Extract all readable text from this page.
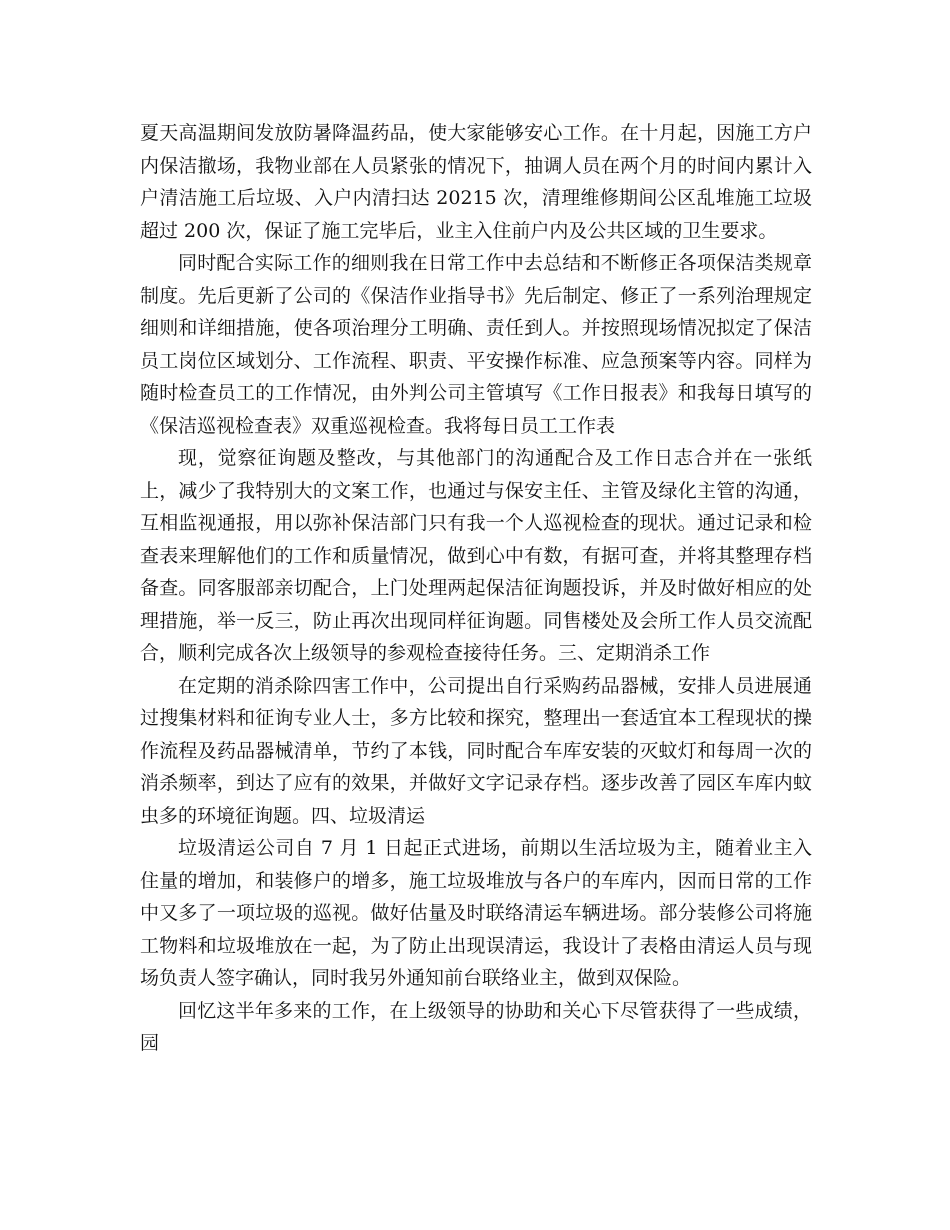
夏天高温期间发放防暑降温药品，使大家能够安心工作。在十月起，因施工方户内保洁撤场，我物业部在人员紧张的情况下，抽调人员在两个月的时间内累计入户清洁施工后垃圾、入户内清扫达 20215 次，清理维修期间公区乱堆施工垃圾超过 200 次，保证了施工完毕后，业主入住前户内及公共区域的卫生要求。

同时配合实际工作的细则我在日常工作中去总结和不断修正各项保洁类规章制度。先后更新了公司的《保洁作业指导书》先后制定、修正了一系列治理规定细则和详细措施，使各项治理分工明确、责任到人。并按照现场情况拟定了保洁员工岗位区域划分、工作流程、职责、平安操作标准、应急预案等内容。同样为随时检查员工的工作情况，由外判公司主管填写《工作日报表》和我每日填写的《保洁巡视检查表》双重巡视检查。我将每日员工工作表

现，觉察征询题及整改，与其他部门的沟通配合及工作日志合并在一张纸上，减少了我特别大的文案工作，也通过与保安主任、主管及绿化主管的沟通，互相监视通报，用以弥补保洁部门只有我一个人巡视检查的现状。通过记录和检查表来理解他们的工作和质量情况，做到心中有数，有据可查，并将其整理存档备查。同客服部亲切配合，上门处理两起保洁征询题投诉，并及时做好相应的处理措施，举一反三，防止再次出现同样征询题。同售楼处及会所工作人员交流配合，顺利完成各次上级领导的参观检查接待任务。三、定期消杀工作

在定期的消杀除四害工作中，公司提出自行采购药品器械，安排人员进展通过搜集材料和征询专业人士，多方比较和探究，整理出一套适宜本工程现状的操作流程及药品器械清单，节约了本钱，同时配合车库安装的灭蚊灯和每周一次的消杀频率，到达了应有的效果，并做好文字记录存档。逐步改善了园区车库内蚊虫多的环境征询题。四、垃圾清运

垃圾清运公司自 7 月 1 日起正式进场，前期以生活垃圾为主，随着业主入住量的增加，和装修户的增多，施工垃圾堆放与各户的车库内，因而日常的工作中又多了一项垃圾的巡视。做好估量及时联络清运车辆进场。部分装修公司将施工物料和垃圾堆放在一起，为了防止出现误清运，我设计了表格由清运人员与现场负责人签字确认，同时我另外通知前台联络业主，做到双保险。

回忆这半年多来的工作，在上级领导的协助和关心下尽管获得了一些成绩，园
